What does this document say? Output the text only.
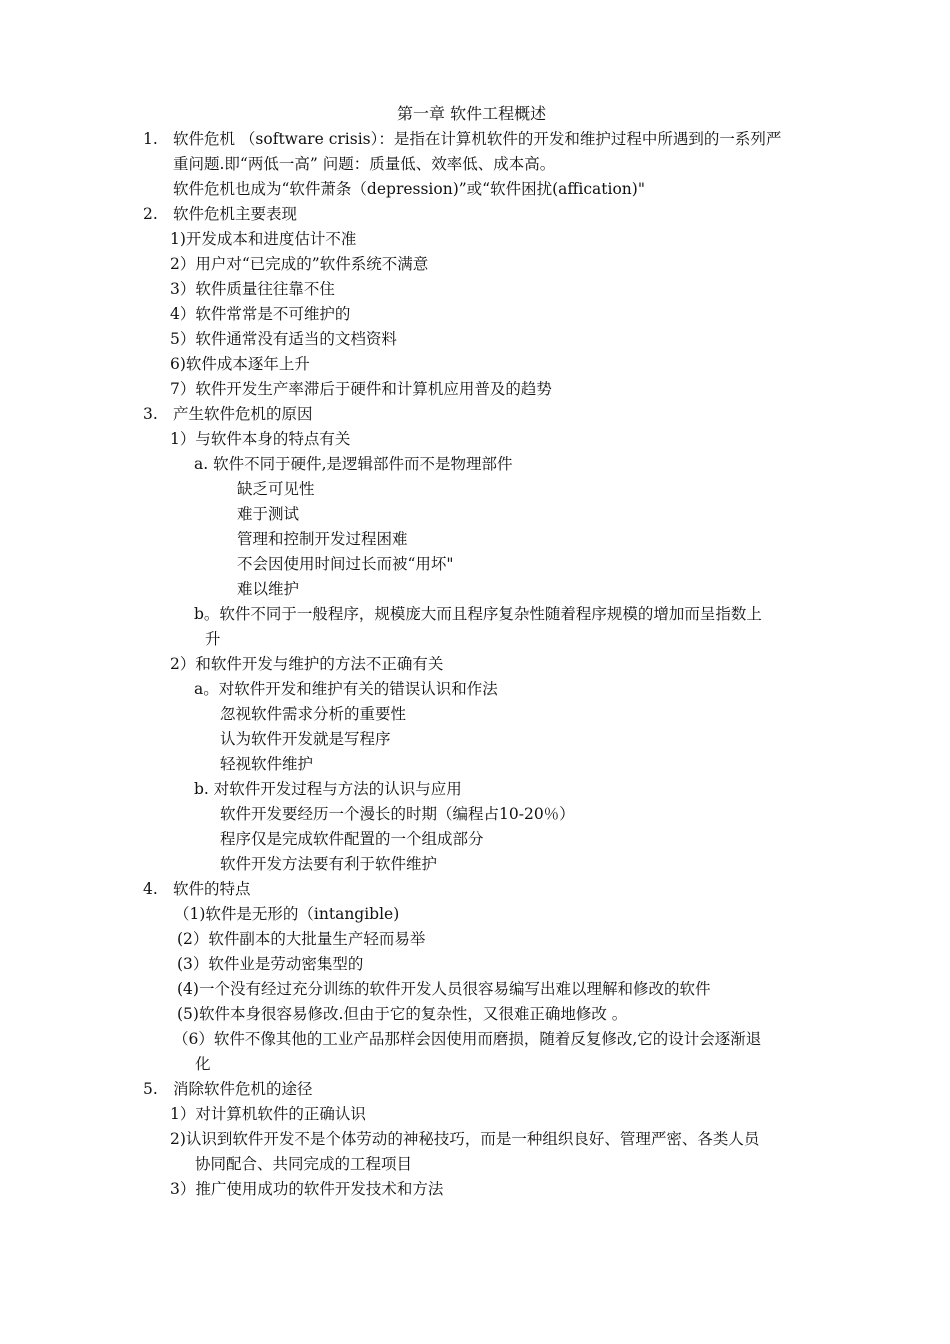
第一章 软件工程概述
1. 软件危机 （software crisis）：是指在计算机软件的开发和维护过程中所遇到的一系列严
重问题.即“两低一高” 问题：质量低、效率低、成本高。
软件危机也成为“软件萧条（depression)”或“软件困扰(affication)"
2. 软件危机主要表现
1)开发成本和进度估计不准
2）用户对“已完成的”软件系统不满意
3）软件质量往往靠不住
4）软件常常是不可维护的
5）软件通常没有适当的文档资料
6)软件成本逐年上升
7）软件开发生产率滞后于硬件和计算机应用普及的趋势
3. 产生软件危机的原因
1）与软件本身的特点有关
a. 软件不同于硬件,是逻辑部件而不是物理部件
缺乏可见性
难于测试
管理和控制开发过程困难
不会因使用时间过长而被“用坏"
难以维护
b。软件不同于一般程序，规模庞大而且程序复杂性随着程序规模的增加而呈指数上
升
2）和软件开发与维护的方法不正确有关
a。对软件开发和维护有关的错误认识和作法
忽视软件需求分析的重要性
认为软件开发就是写程序
轻视软件维护
b. 对软件开发过程与方法的认识与应用
软件开发要经历一个漫长的时期（编程占10-20％）
程序仅是完成软件配置的一个组成部分
软件开发方法要有利于软件维护
4. 软件的特点
（1)软件是无形的（intangible)
(2）软件副本的大批量生产轻而易举
(3）软件业是劳动密集型的
(4)一个没有经过充分训练的软件开发人员很容易编写出难以理解和修改的软件
(5)软件本身很容易修改.但由于它的复杂性，又很难正确地修改 。
（6）软件不像其他的工业产品那样会因使用而磨损，随着反复修改,它的设计会逐渐退
化
5. 消除软件危机的途径
1）对计算机软件的正确认识
2)认识到软件开发不是个体劳动的神秘技巧，而是一种组织良好、管理严密、各类人员
协同配合、共同完成的工程项目
3）推广使用成功的软件开发技术和方法
